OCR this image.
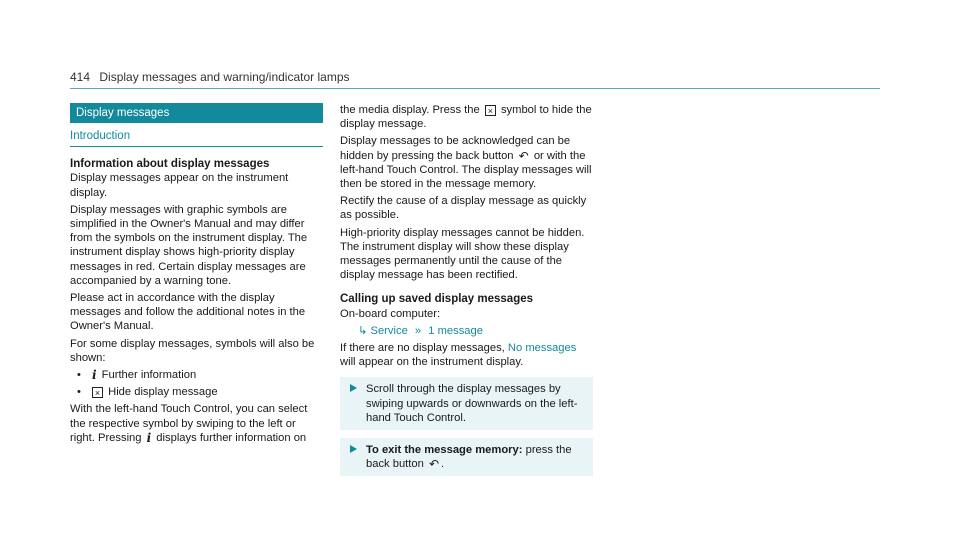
414 Display messages and warning/indicator lamps
Display messages
Introduction
Information about display messages

Display messages appear on the instrument display.

Display messages with graphic symbols are simplified in the Owner's Manual and may differ from the symbols on the instrument display. The instrument display shows high-priority display messages in red. Certain display messages are accompanied by a warning tone.

Please act in accordance with the display messages and follow the additional notes in the Owner's Manual.

For some display messages, symbols will also be shown:

• i Further information
• × Hide display message

With the left-hand Touch Control, you can select the respective symbol by swiping to the left or right. Pressing i displays further information on

the media display. Press the × symbol to hide the display message.

Display messages to be acknowledged can be hidden by pressing the back button ↶ or with the left-hand Touch Control. The display messages will then be stored in the message memory.

Rectify the cause of a display message as quickly as possible.

High-priority display messages cannot be hidden. The instrument display will show these display messages permanently until the cause of the display message has been rectified.

Calling up saved display messages

On-board computer:

↳ Service » 1 message

If there are no display messages, No messages will appear on the instrument display.

Scroll through the display messages by swiping upwards or downwards on the left-hand Touch Control.
To exit the message memory: press the back button ↶ .
